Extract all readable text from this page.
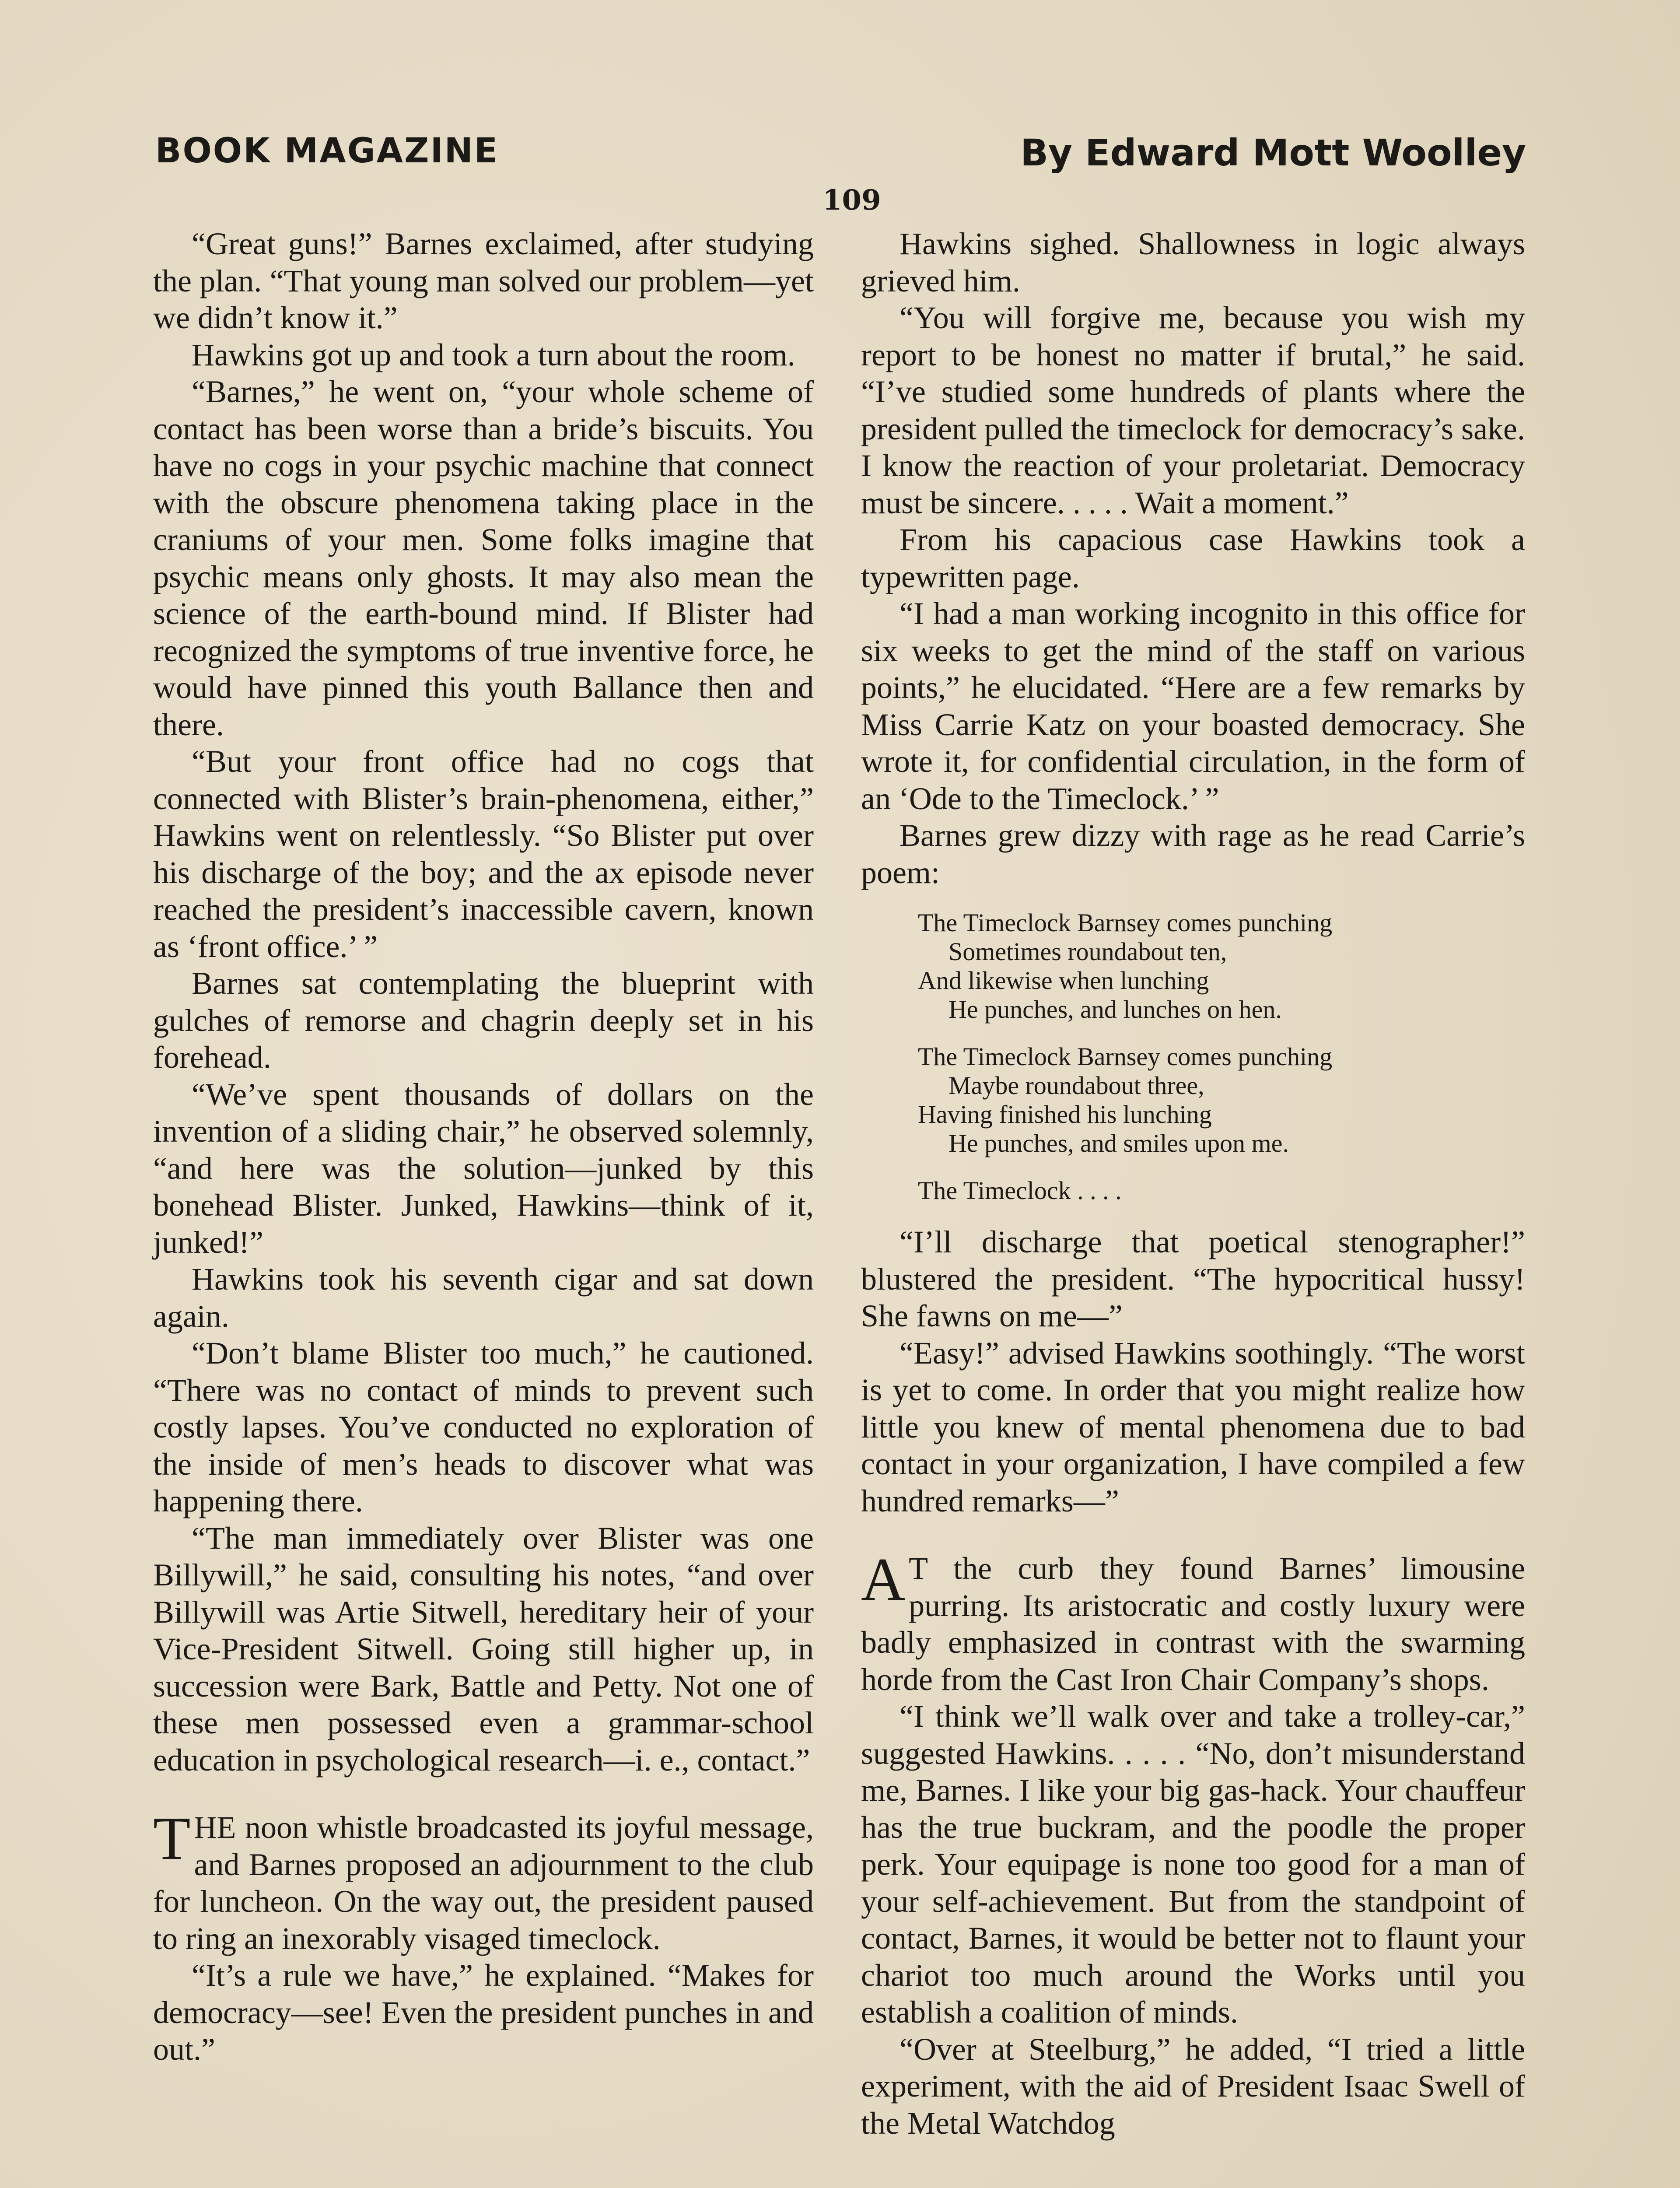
BOOK MAGAZINE	By Edward Mott Woolley
109

“Great guns!” Barnes exclaimed, after studying the plan. “That young man solved our problem—yet we didn’t know it.”

Hawkins got up and took a turn about the room.

“Barnes,” he went on, “your whole scheme of contact has been worse than a bride’s biscuits. You have no cogs in your psychic machine that connect with the obscure phenomena taking place in the craniums of your men. Some folks imagine that psychic means only ghosts. It may also mean the science of the earth-bound mind. If Blister had recognized the symptoms of true inventive force, he would have pinned this youth Ballance then and there.

“But your front office had no cogs that connected with Blister’s brain-phenomena, either,” Hawkins went on relentlessly. “So Blister put over his discharge of the boy; and the ax episode never reached the president’s inaccessible cavern, known as ‘front office.’ ”

Barnes sat contemplating the blueprint with gulches of remorse and chagrin deeply set in his forehead.

“We’ve spent thousands of dollars on the invention of a sliding chair,” he observed solemnly, “and here was the solution—junked by this bonehead Blister. Junked, Hawkins—think of it, junked!”

Hawkins took his seventh cigar and sat down again.

“Don’t blame Blister too much,” he cautioned. “There was no contact of minds to prevent such costly lapses. You’ve conducted no exploration of the inside of men’s heads to discover what was happening there.

“The man immediately over Blister was one Billywill,” he said, consulting his notes, “and over Billywill was Artie Sitwell, hereditary heir of your Vice-President Sitwell. Going still higher up, in succession were Bark, Battle and Petty. Not one of these men possessed even a grammar-school education in psychological research—i. e., contact.”

THE noon whistle broadcasted its joyful message, and Barnes proposed an adjournment to the club for luncheon. On the way out, the president paused to ring an inexorably visaged timeclock.

“It’s a rule we have,” he explained. “Makes for democracy—see! Even the president punches in and out.”

Hawkins sighed. Shallowness in logic always grieved him.

“You will forgive me, because you wish my report to be honest no matter if brutal,” he said. “I’ve studied some hundreds of plants where the president pulled the timeclock for democracy’s sake. I know the reaction of your proletariat. Democracy must be sincere. . . . . Wait a moment.”

From his capacious case Hawkins took a typewritten page.

“I had a man working incognito in this office for six weeks to get the mind of the staff on various points,” he elucidated. “Here are a few remarks by Miss Carrie Katz on your boasted democracy. She wrote it, for confidential circulation, in the form of an ‘Ode to the Timeclock.’ ”

Barnes grew dizzy with rage as he read Carrie’s poem:

The Timeclock Barnsey comes punching
Sometimes roundabout ten,
And likewise when lunching
He punches, and lunches on hen.
The Timeclock Barnsey comes punching
Maybe roundabout three,
Having finished his lunching
He punches, and smiles upon me.
The Timeclock . . . .

“I’ll discharge that poetical stenographer!” blustered the president. “The hypocritical hussy! She fawns on me—”

“Easy!” advised Hawkins soothingly. “The worst is yet to come. In order that you might realize how little you knew of mental phenomena due to bad contact in your organization, I have compiled a few hundred remarks—”

A T the curb they found Barnes’ limousine purring. Its aristocratic and costly luxury were badly emphasized in contrast with the swarming horde from the Cast Iron Chair Company’s shops.

“I think we’ll walk over and take a trolley-car,” suggested Hawkins. . . . . “No, don’t misunderstand me, Barnes. I like your big gas-hack. Your chauffeur has the true buckram, and the poodle the proper perk. Your equipage is none too good for a man of your self-achievement. But from the standpoint of contact, Barnes, it would be better not to flaunt your chariot too much around the Works until you establish a coalition of minds.

“Over at Steelburg,” he added, “I tried a little experiment, with the aid of President Isaac Swell of the Metal Watchdog
